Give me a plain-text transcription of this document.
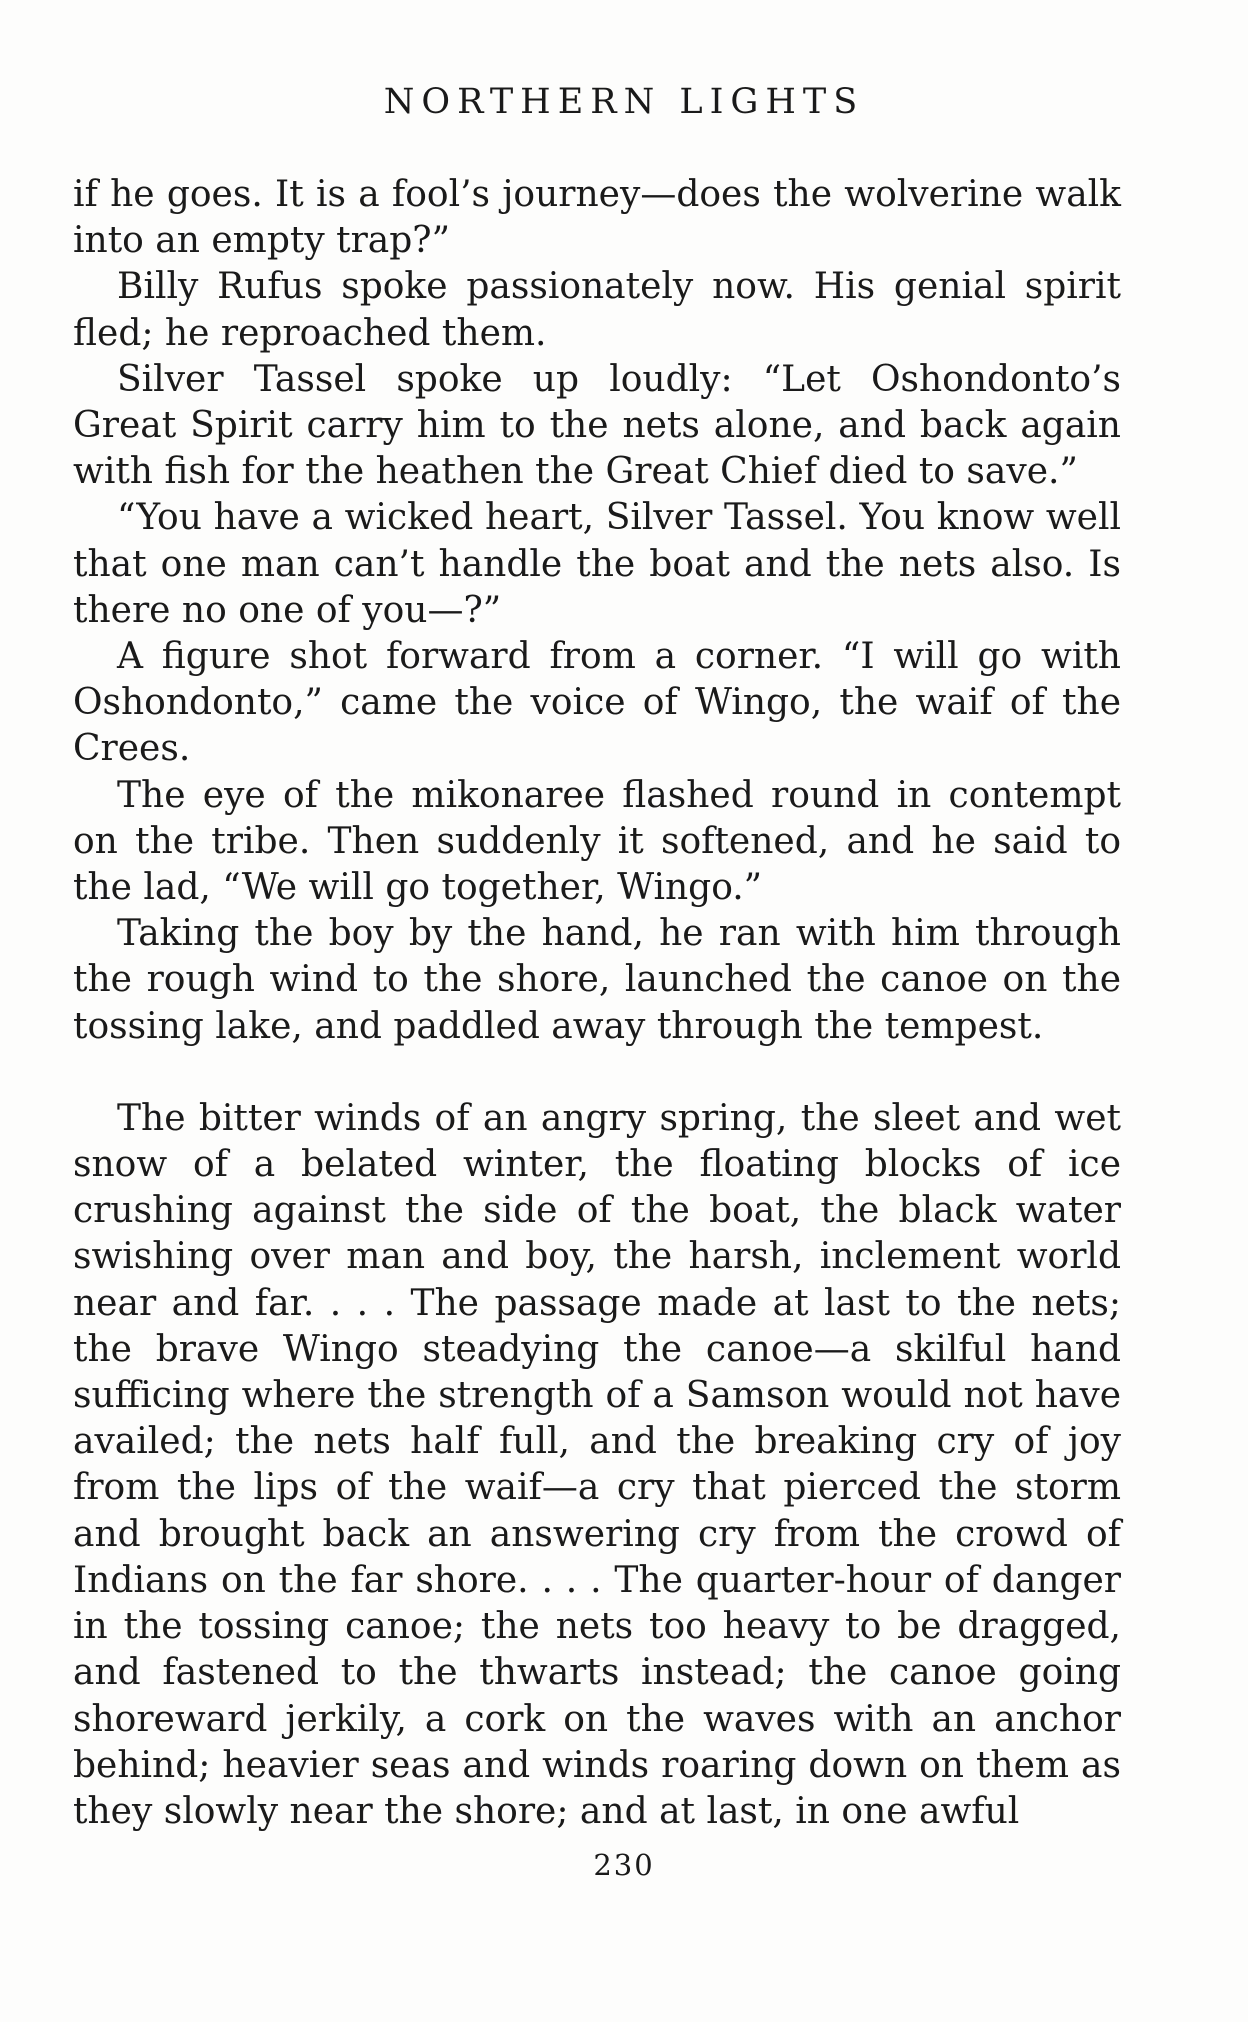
NORTHERN LIGHTS

if he goes. It is a fool’s journey—does the wolverine walk into an empty trap?”

Billy Rufus spoke passionately now. His genial spirit fled; he reproached them.

Silver Tassel spoke up loudly: “Let Oshondonto’s Great Spirit carry him to the nets alone, and back again with fish for the heathen the Great Chief died to save.”

“You have a wicked heart, Silver Tassel. You know well that one man can’t handle the boat and the nets also. Is there no one of you—?”

A figure shot forward from a corner. “I will go with Oshondonto,” came the voice of Wingo, the waif of the Crees.

The eye of the mikonaree flashed round in contempt on the tribe. Then suddenly it softened, and he said to the lad, “We will go together, Wingo.”

Taking the boy by the hand, he ran with him through the rough wind to the shore, launched the canoe on the tossing lake, and paddled away through the tempest.

The bitter winds of an angry spring, the sleet and wet snow of a belated winter, the floating blocks of ice crushing against the side of the boat, the black water swishing over man and boy, the harsh, inclement world near and far. . . . The passage made at last to the nets; the brave Wingo steadying the canoe—a skilful hand sufficing where the strength of a Samson would not have availed; the nets half full, and the breaking cry of joy from the lips of the waif—a cry that pierced the storm and brought back an answering cry from the crowd of Indians on the far shore. . . . The quarter-hour of danger in the tossing canoe; the nets too heavy to be dragged, and fastened to the thwarts instead; the canoe going shoreward jerkily, a cork on the waves with an anchor behind; heavier seas and winds roaring down on them as they slowly near the shore; and at last, in one awful

230
